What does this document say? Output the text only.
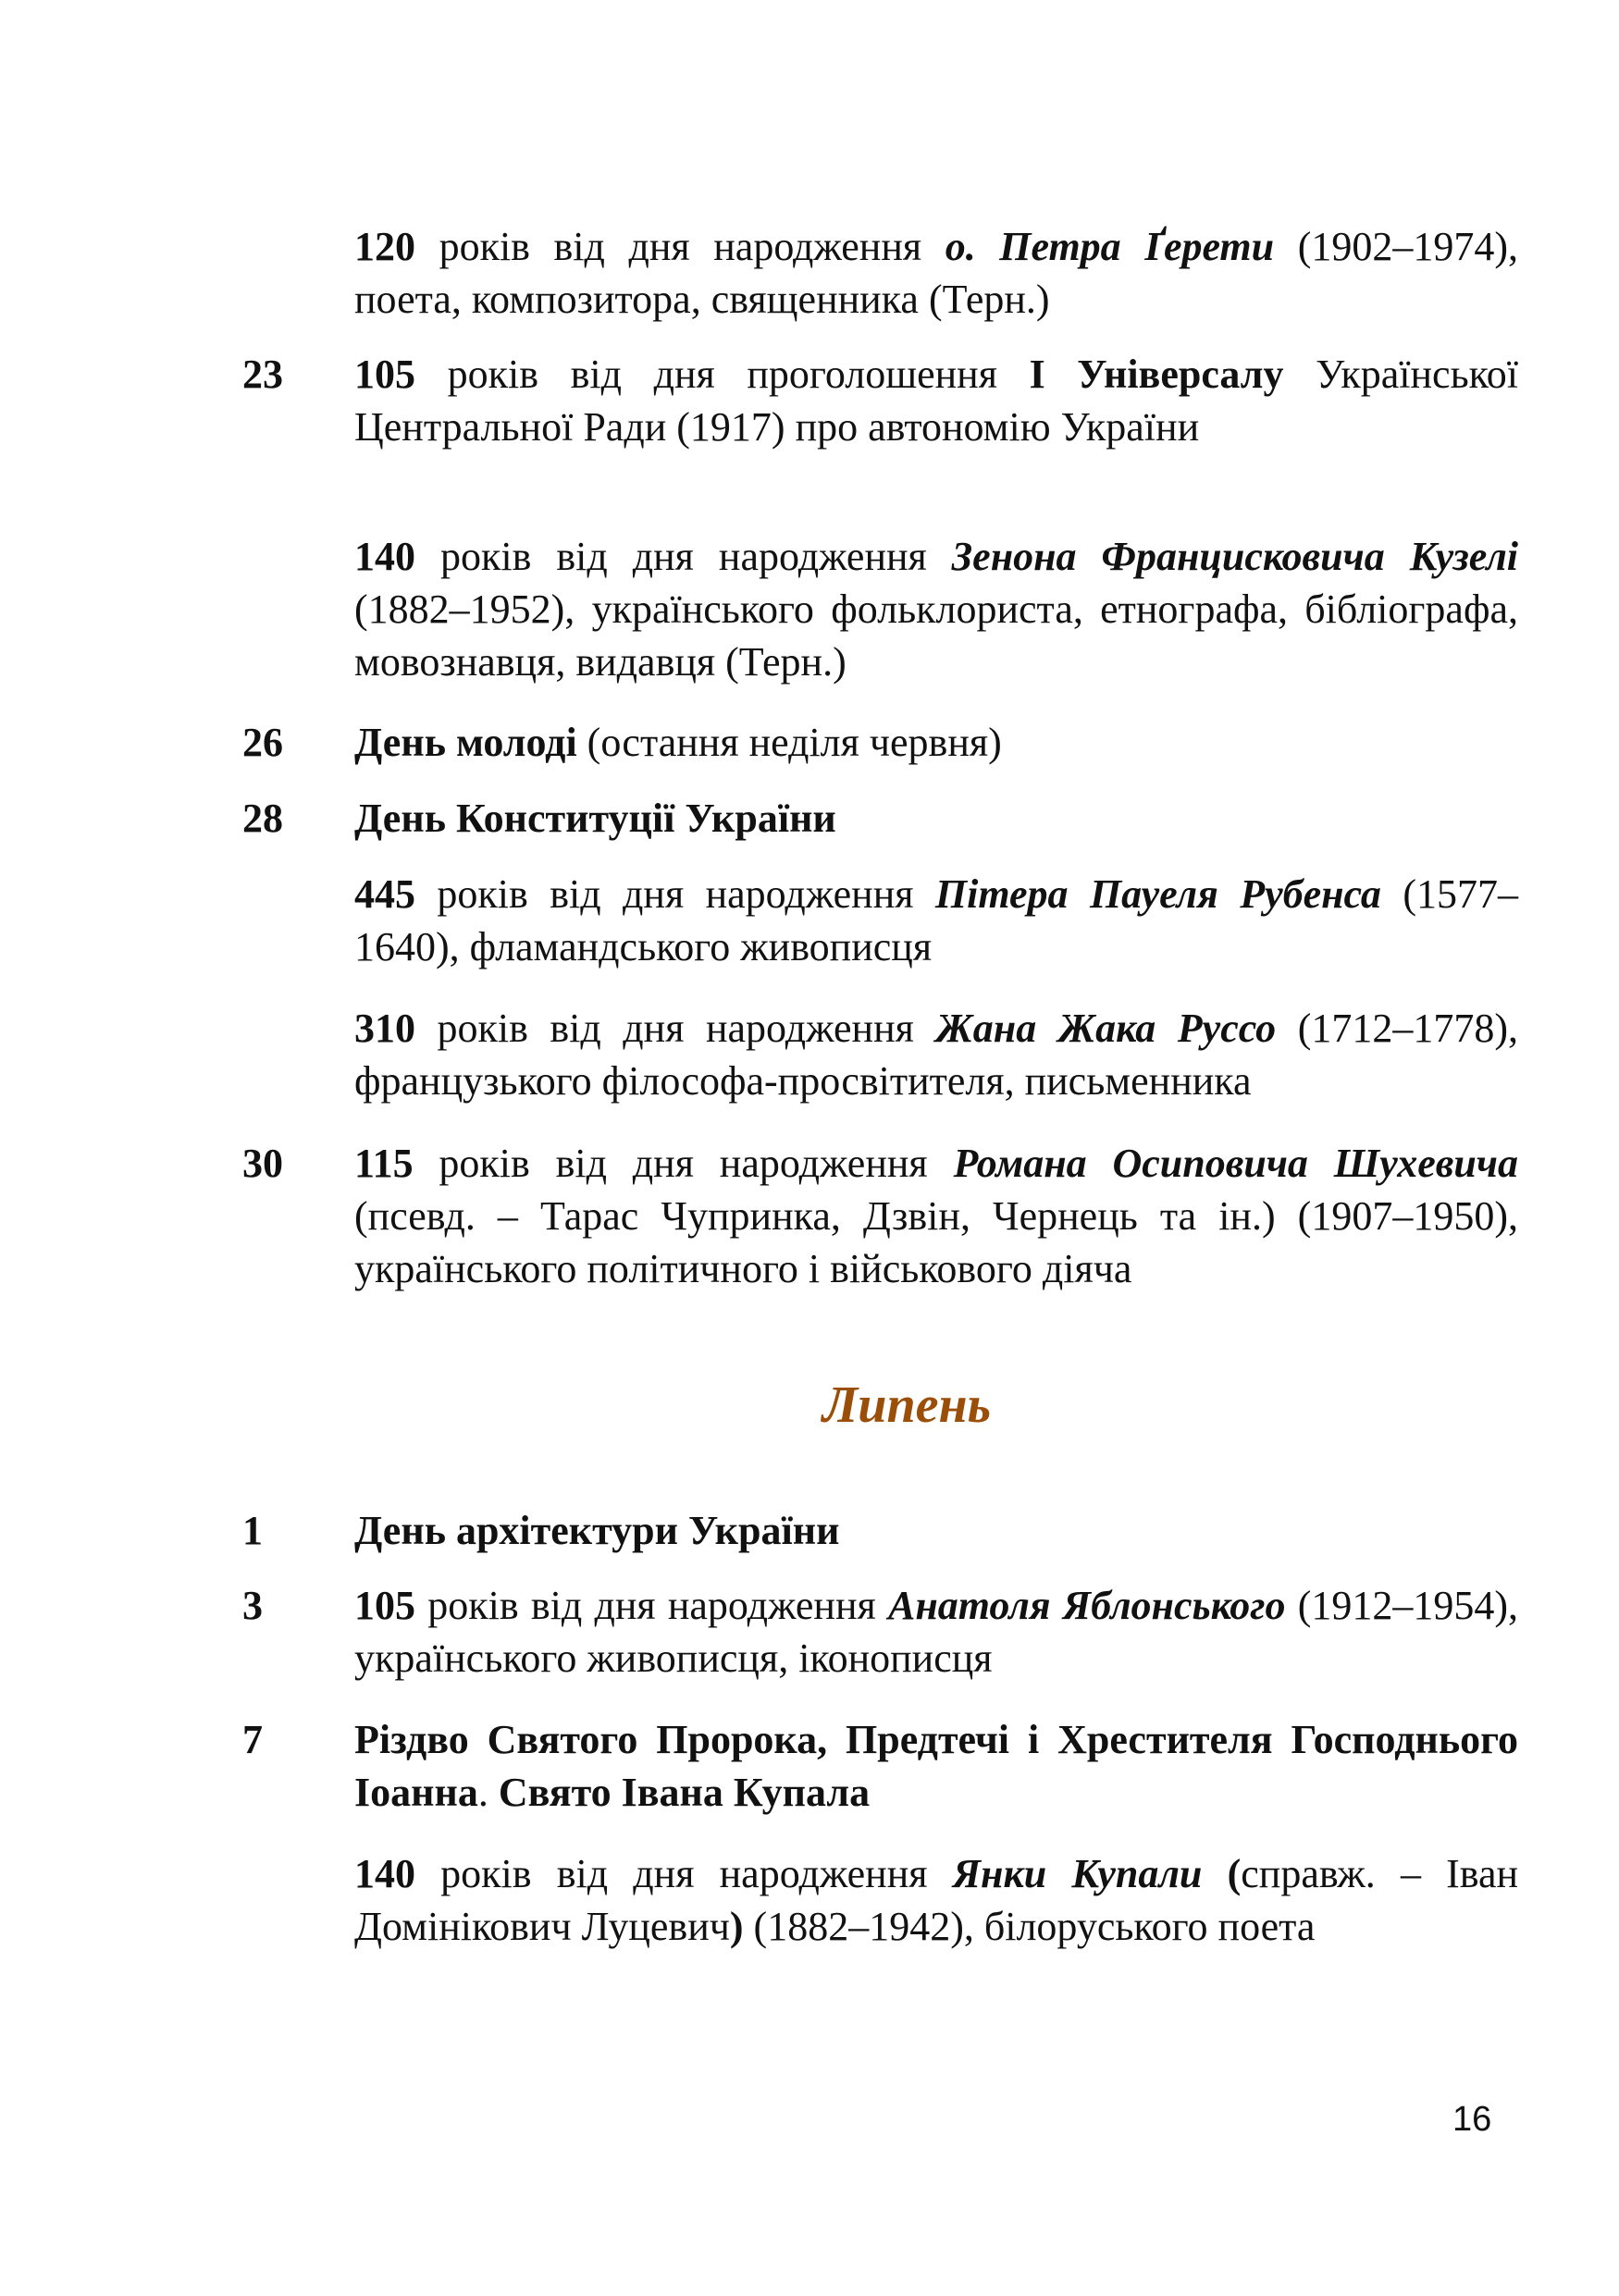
120 років від дня народження о. Петра Ґерети (1902–1974), поета, композитора, священника (Терн.)
23 105 років від дня проголошення І Універсалу Української Центральної Ради (1917) про автономію України
140 років від дня народження Зенона Францисковича Кузелі (1882–1952), українського фольклориста, етнографа, бібліографа, мовознавця, видавця (Терн.)
26 День молоді (остання неділя червня)
28 День Конституції України
445 років від дня народження Пітера Пауеля Рубенса (1577–1640), фламандського живописця
310 років від дня народження Жана Жака Руссо (1712–1778), французького філософа-просвітителя, письменника
30 115 років від дня народження Романа Осиповича Шухевича (псевд. – Тарас Чупринка, Дзвін, Чернець та ін.) (1907–1950), українського політичного і військового діяча
Липень
1 День архітектури України
3 105 років від дня народження Анатоля Яблонського (1912–1954), українського живописця, іконописця
7 Різдво Святого Пророка, Предтечі і Хрестителя Господнього Іоанна. Свято Івана Купала
140 років від дня народження Янки Купали (справж. – Іван Домінікович Луцевич) (1882–1942), білоруського поета
16
